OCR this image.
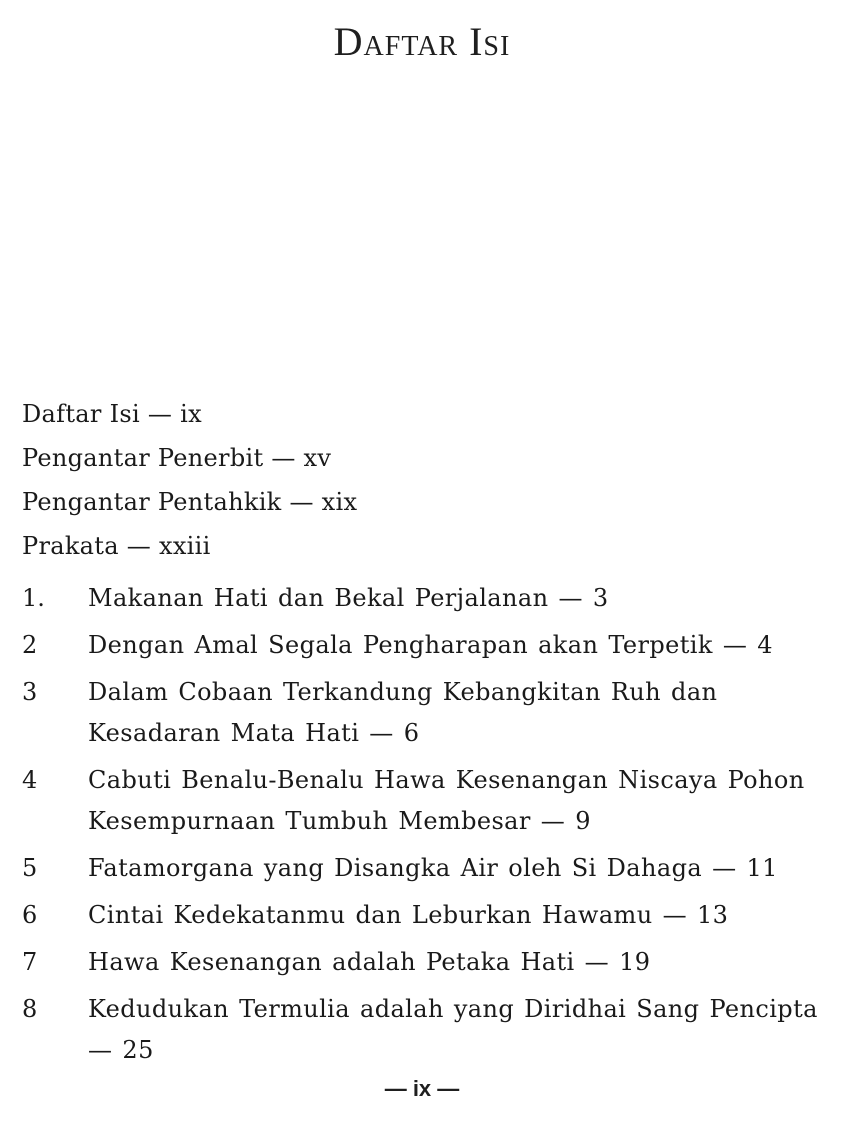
Daftar Isi
Daftar Isi — ix
Pengantar Penerbit — xv
Pengantar Pentahkik — xix
Prakata — xxiii
1.	Makanan Hati dan Bekal Perjalanan — 3
2	Dengan Amal Segala Pengharapan akan Terpetik — 4
3	Dalam Cobaan Terkandung Kebangkitan Ruh dan Kesadaran Mata Hati — 6
4	Cabuti Benalu-Benalu Hawa Kesenangan Niscaya Pohon Kesempurnaan Tumbuh Membesar — 9
5	Fatamorgana yang Disangka Air oleh Si Dahaga — 11
6	Cintai Kedekatanmu dan Leburkan Hawamu — 13
7	Hawa Kesenangan adalah Petaka Hati — 19
8	Kedudukan Termulia adalah yang Diridhai Sang Pencipta — 25
— ix —
